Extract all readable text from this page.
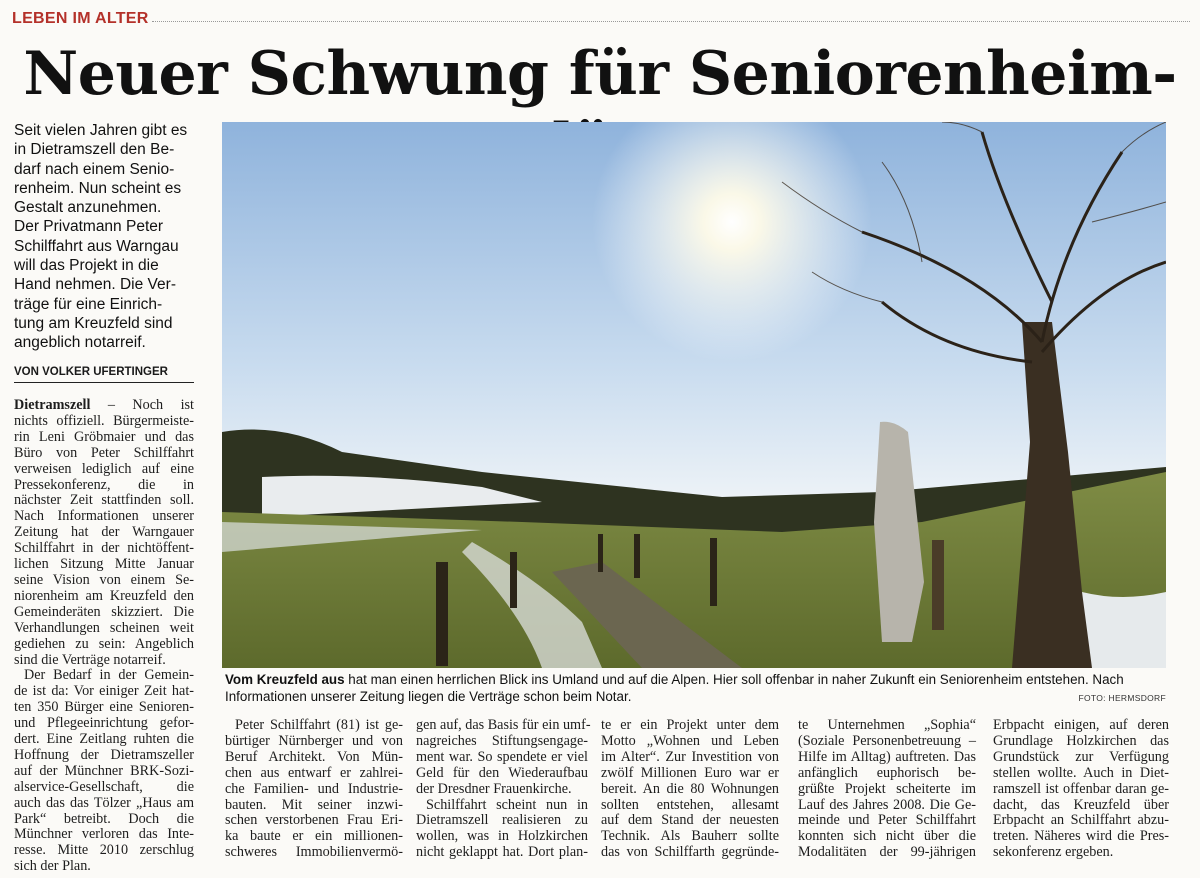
LEBEN IM ALTER
Neuer Schwung für Seniorenheim-
Seit vielen Jahren gibt es
in Dietramszell den Be-
darf nach einem Senio-
renheim. Nun scheint es
Gestalt anzunehmen.
Der Privatmann Peter
Schilffahrt aus Warngau
will das Projekt in die
Hand nehmen. Die Ver-
träge für eine Einrich-
tung am Kreuzfeld sind
angeblich notarreif.
VON VOLKER UFERTINGER
Dietramszell – Noch ist
nichts offiziell. Bürgermeiste-
rin Leni Gröbmaier und das
Büro von Peter Schilffahrt
verweisen lediglich auf eine
Pressekonferenz, die in
nächster Zeit stattfinden soll.
Nach Informationen unserer
Zeitung hat der Warngauer
Schilffahrt in der nichtöffent-
lichen Sitzung Mitte Januar
seine Vision von einem Se-
niorenheim am Kreuzfeld den
Gemeinderäten skizziert. Die
Verhandlungen scheinen weit
gediehen zu sein: Angeblich
sind die Verträge notarreif.
Der Bedarf in der Gemein-
de ist da: Vor einiger Zeit hat-
ten 350 Bürger eine Senioren-
und Pflegeeinrichtung gefor-
dert. Eine Zeitlang ruhten die
Hoffnung der Dietramszeller
auf der Münchner BRK-Sozi-
alservice-Gesellschaft, die
auch das das Tölzer „Haus am
Park“ betreibt. Doch die
Münchner verloren das Inte-
resse. Mitte 2010 zerschlug
sich der Plan.
Vom Kreuzfeld aus hat man einen herrlichen Blick ins Umland und auf die Alpen. Hier soll offenbar in naher Zukunft ein Seniorenheim entstehen. Nach Informationen unserer Zeitung liegen die Verträge schon beim Notar.	FOTO: HERMSDORF
Peter Schilffahrt (81) ist ge-
bürtiger Nürnberger und von
Beruf Architekt. Von Mün-
chen aus entwarf er zahlrei-
che Familien- und Industrie-
bauten. Mit seiner inzwi-
schen verstorbenen Frau Eri-
ka baute er ein millionen-
schweres Immobilienvermö-
gen auf, das Basis für ein umf-
nagreiches Stiftungsengage-
ment war. So spendete er viel
Geld für den Wiederaufbau
der Dresdner Frauenkirche.
Schilffahrt scheint nun in
Dietramszell realisieren zu
wollen, was in Holzkirchen
nicht geklappt hat. Dort plan-
te er ein Projekt unter dem
Motto „Wohnen und Leben
im Alter“. Zur Investition von
zwölf Millionen Euro war er
bereit. An die 80 Wohnungen
sollten entstehen, allesamt
auf dem Stand der neuesten
Technik. Als Bauherr sollte
das von Schilffarth gegründe-
te Unternehmen „Sophia“
(Soziale Personenbetreuung –
Hilfe im Alltag) auftreten. Das
anfänglich euphorisch be-
grüßte Projekt scheiterte im
Lauf des Jahres 2008. Die Ge-
meinde und Peter Schilffahrt
konnten sich nicht über die
Modalitäten der 99-jährigen
Erbpacht einigen, auf deren
Grundlage Holzkirchen das
Grundstück zur Verfügung
stellen wollte. Auch in Diet-
ramszell ist offenbar daran ge-
dacht, das Kreuzfeld über
Erbpacht an Schilffahrt abzu-
treten. Näheres wird die Pres-
sekonferenz ergeben.
